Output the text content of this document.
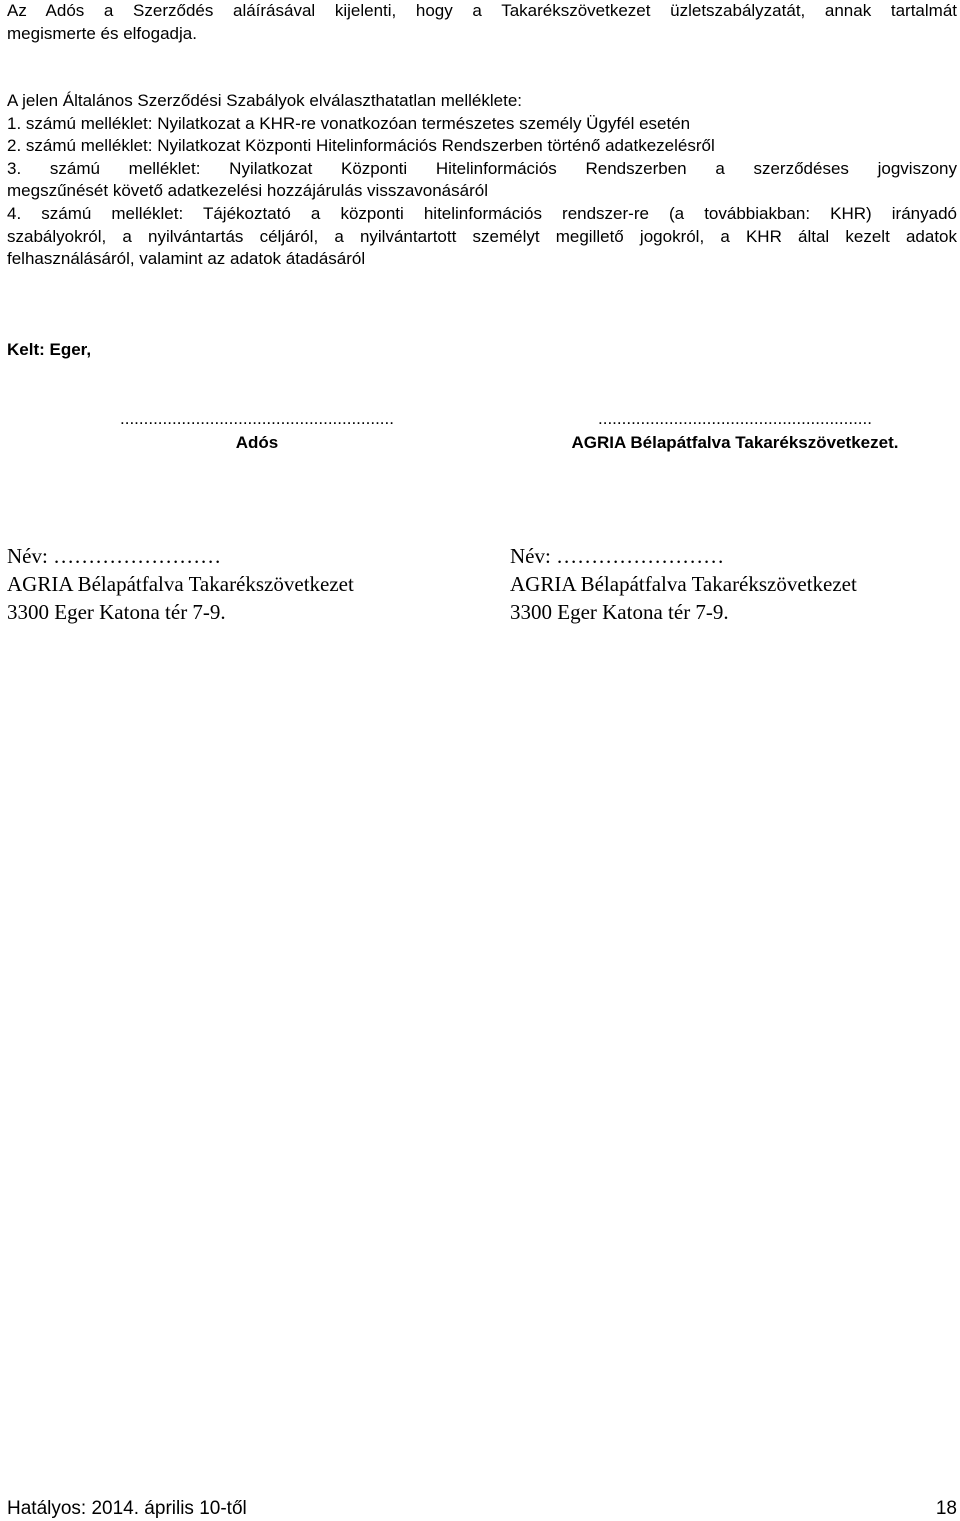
Az Adós a Szerződés aláírásával kijelenti, hogy a Takarékszövetkezet üzletszabályzatát, annak tartalmát
megismerte és elfogadja.

A jelen Általános Szerződési Szabályok elválaszthatatlan melléklete:
1. számú melléklet: Nyilatkozat a KHR-re vonatkozóan természetes személy Ügyfél esetén
2. számú melléklet: Nyilatkozat Központi Hitelinformációs Rendszerben történő adatkezelésről
3. számú melléklet: Nyilatkozat Központi Hitelinformációs Rendszerben a szerződéses jogviszony
megszűnését követő adatkezelési hozzájárulás visszavonásáról
4. számú melléklet: Tájékoztató a központi hitelinformációs rendszer-re (a továbbiakban: KHR) irányadó
szabályokról, a nyilvántartás céljáról, a nyilvántartott személyt megillető jogokról, a KHR által kezelt adatok
felhasználásáról, valamint az adatok átadásáról
Kelt: Eger,
..........................................................
Adós
..........................................................
AGRIA Bélapátfalva Takarékszövetkezet.
Név: ……………………
AGRIA Bélapátfalva Takarékszövetkezet
3300 Eger Katona tér 7-9.
Név: ……………………
AGRIA Bélapátfalva Takarékszövetkezet
3300 Eger Katona tér 7-9.
Hatályos: 2014. április 10-től	18
